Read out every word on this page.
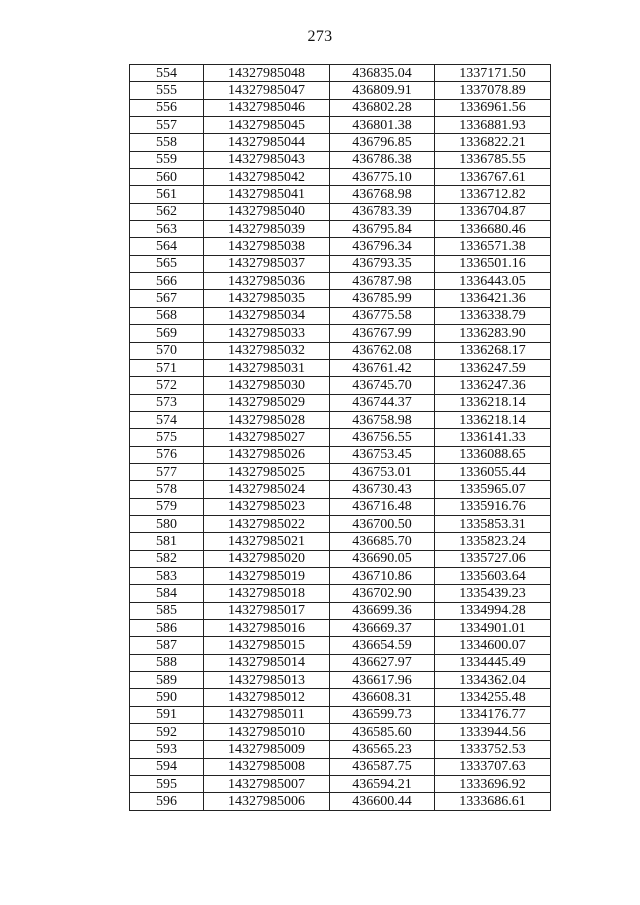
273
554	14327985048	436835.04	1337171.50
555	14327985047	436809.91	1337078.89
556	14327985046	436802.28	1336961.56
557	14327985045	436801.38	1336881.93
558	14327985044	436796.85	1336822.21
559	14327985043	436786.38	1336785.55
560	14327985042	436775.10	1336767.61
561	14327985041	436768.98	1336712.82
562	14327985040	436783.39	1336704.87
563	14327985039	436795.84	1336680.46
564	14327985038	436796.34	1336571.38
565	14327985037	436793.35	1336501.16
566	14327985036	436787.98	1336443.05
567	14327985035	436785.99	1336421.36
568	14327985034	436775.58	1336338.79
569	14327985033	436767.99	1336283.90
570	14327985032	436762.08	1336268.17
571	14327985031	436761.42	1336247.59
572	14327985030	436745.70	1336247.36
573	14327985029	436744.37	1336218.14
574	14327985028	436758.98	1336218.14
575	14327985027	436756.55	1336141.33
576	14327985026	436753.45	1336088.65
577	14327985025	436753.01	1336055.44
578	14327985024	436730.43	1335965.07
579	14327985023	436716.48	1335916.76
580	14327985022	436700.50	1335853.31
581	14327985021	436685.70	1335823.24
582	14327985020	436690.05	1335727.06
583	14327985019	436710.86	1335603.64
584	14327985018	436702.90	1335439.23
585	14327985017	436699.36	1334994.28
586	14327985016	436669.37	1334901.01
587	14327985015	436654.59	1334600.07
588	14327985014	436627.97	1334445.49
589	14327985013	436617.96	1334362.04
590	14327985012	436608.31	1334255.48
591	14327985011	436599.73	1334176.77
592	14327985010	436585.60	1333944.56
593	14327985009	436565.23	1333752.53
594	14327985008	436587.75	1333707.63
595	14327985007	436594.21	1333696.92
596	14327985006	436600.44	1333686.61
